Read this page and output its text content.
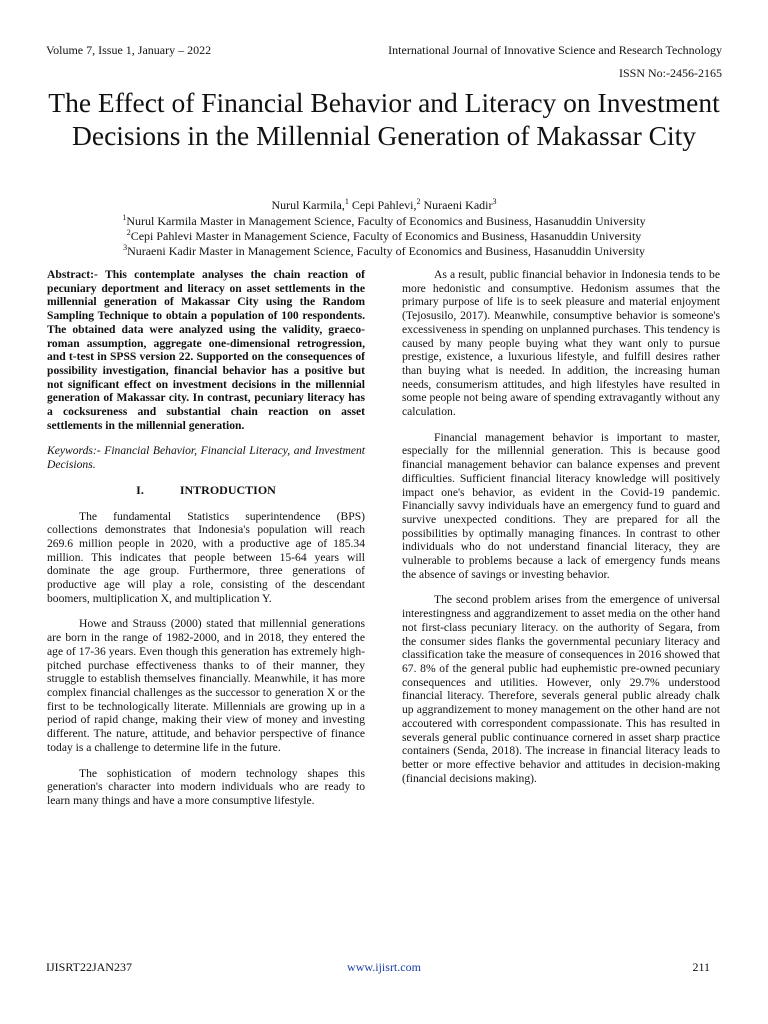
Volume 7, Issue 1, January – 2022	International Journal of Innovative Science and Research Technology
ISSN No:-2456-2165
The Effect of Financial Behavior and Literacy on Investment Decisions in the Millennial Generation of Makassar City
Nurul Karmila,$^1$ Cepi Pahlevi,$^2$ Nuraeni Kadir$^3$
$^1$Nurul Karmila Master in Management Science, Faculty of Economics and Business, Hasanuddin University
$^2$Cepi Pahlevi Master in Management Science, Faculty of Economics and Business, Hasanuddin University
$^3$Nuraeni Kadir Master in Management Science, Faculty of Economics and Business, Hasanuddin University

Abstract:- This contemplate analyses the chain reaction of pecuniary deportment and literacy on asset settlements in the millennial generation of Makassar City using the Random Sampling Technique to obtain a population of 100 respondents. The obtained data were analyzed using the validity, graeco-roman assumption, aggregate one-dimensional retrogression, and t-test in SPSS version 22. Supported on the consequences of possibility investigation, financial behavior has a positive but not significant effect on investment decisions in the millennial generation of Makassar city. In contrast, pecuniary literacy has a cocksureness and substantial chain reaction on asset settlements in the millennial generation.

Keywords:- Financial Behavior, Financial Literacy, and Investment Decisions.

I.	INTRODUCTION

The fundamental Statistics superintendence (BPS) collections demonstrates that Indonesia's population will reach 269.6 million people in 2020, with a productive age of 185.34 million. This indicates that people between 15-64 years will dominate the age group. Furthermore, three generations of productive age will play a role, consisting of the descendant boomers, multiplication X, and multiplication Y.

Howe and Strauss (2000) stated that millennial generations are born in the range of 1982-2000, and in 2018, they entered the age of 17-36 years. Even though this generation has extremely high-pitched purchase effectiveness thanks to of their manner, they struggle to establish themselves financially. Meanwhile, it has more complex financial challenges as the successor to generation X or the first to be technologically literate. Millennials are growing up in a period of rapid change, making their view of money and investing different. The nature, attitude, and behavior perspective of finance today is a challenge to determine life in the future.

The sophistication of modern technology shapes this generation's character into modern individuals who are ready to learn many things and have a more consumptive lifestyle.

As a result, public financial behavior in Indonesia tends to be more hedonistic and consumptive. Hedonism assumes that the primary purpose of life is to seek pleasure and material enjoyment (Tejosusilo, 2017). Meanwhile, consumptive behavior is someone's excessiveness in spending on unplanned purchases. This tendency is caused by many people buying what they want only to pursue prestige, existence, a luxurious lifestyle, and fulfill desires rather than buying what is needed. In addition, the increasing human needs, consumerism attitudes, and high lifestyles have resulted in some people not being aware of spending extravagantly without any calculation.

Financial management behavior is important to master, especially for the millennial generation. This is because good financial management behavior can balance expenses and prevent difficulties. Sufficient financial literacy knowledge will positively impact one's behavior, as evident in the Covid-19 pandemic. Financially savvy individuals have an emergency fund to guard and survive unexpected conditions. They are prepared for all the possibilities by optimally managing finances. In contrast to other individuals who do not understand financial literacy, they are vulnerable to problems because a lack of emergency funds means the absence of savings or investing behavior.

The second problem arises from the emergence of universal interestingness and aggrandizement to asset media on the other hand not first-class pecuniary literacy. on the authority of Segara, from the consumer sides flanks the governmental pecuniary literacy and classification take the measure of consequences in 2016 showed that 67. 8% of the general public had euphemistic pre-owned pecuniary consequences and utilities. However, only 29.7% understood financial literacy. Therefore, severals general public already chalk up aggrandizement to money management on the other hand are not accoutered with correspondent compassionate. This has resulted in severals general public continuance cornered in asset sharp practice containers (Senda, 2018). The increase in financial literacy leads to better or more effective behavior and attitudes in decision-making (financial decisions making).

IJISRT22JAN237	www.ijisrt.com	211
